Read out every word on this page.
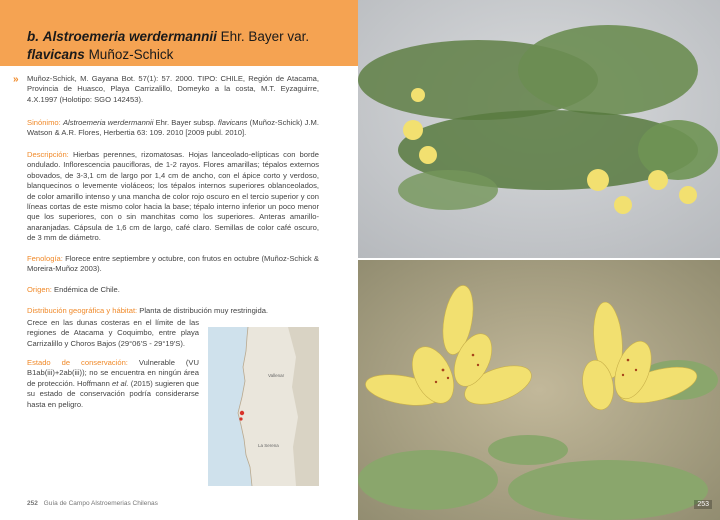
b. Alstroemeria werdermannii Ehr. Bayer var.
flavicans Muñoz-Schick
» Muñoz-Schick, M. Gayana Bot. 57(1): 57. 2000. TIPO: CHILE, Región de Atacama, Provincia de Huasco, Playa Carrizalillo, Domeyko a la costa, M.T. Eyzaguirre, 4.X.1997 (Holotipo: SGO 142453).
Sinónimo: Alstroemeria werdermannii Ehr. Bayer subsp. flavicans (Muñoz-Schick) J.M. Watson & A.R. Flores, Herbertia 63: 109. 2010 [2009 publ. 2010].
Descripción: Hierbas perennes, rizomatosas. Hojas lanceolado-elípticas con borde ondulado. Inflorescencia paucifloras, de 1-2 rayos. Flores amarillas; tépalos externos obovados, de 3-3,1 cm de largo por 1,4 cm de ancho, con el ápice corto y verdoso, blanquecinos o levemente violáceos; los tépalos internos superiores oblanceolados, de color amarillo intenso y una mancha de color rojo oscuro en el tercio superior y con líneas cortas de este mismo color hacia la base; tépalo interno inferior un poco menor que los superiores, con o sin manchitas como los superiores. Anteras amarillo-anaranjadas. Cápsula de 1,6 cm de largo, café claro. Semillas de color café oscuro, de 3 mm de diámetro.
Fenología: Florece entre septiembre y octubre, con frutos en octubre (Muñoz-Schick & Moreira-Muñoz 2003).
Origen: Endémica de Chile.
Distribución geográfica y hábitat: Planta de distribución muy restringida.
Crece en las dunas costeras en el límite de las regiones de Atacama y Coquimbo, entre playa Carrizalillo y Choros Bajos (29°06'S - 29°19'S).
Estado de conservación: Vulnerable (VU B1ab(iii)+2ab(iii)); no se encuentra en ningún área de protección. Hoffmann et al. (2015) sugieren que su estado de conservación podría considerarse hasta en peligro.
Vallenar
La Serena
252 Guía de Campo Alstroemerias Chilenas	253
